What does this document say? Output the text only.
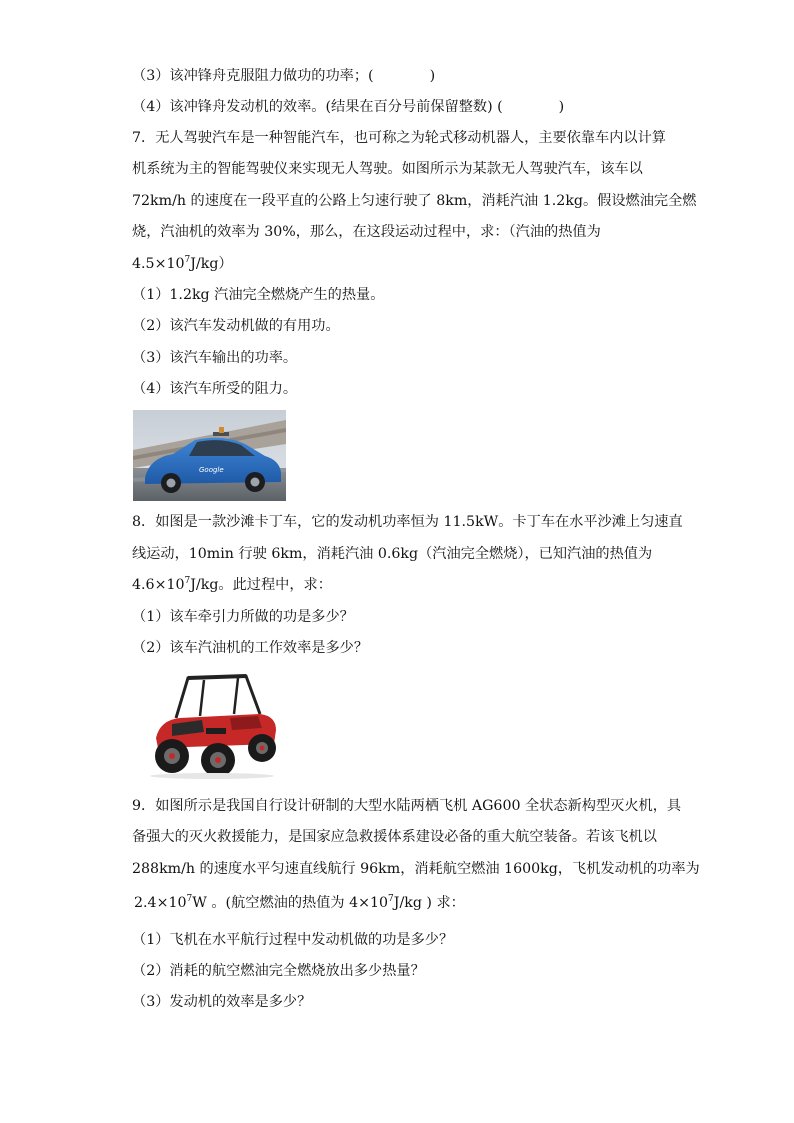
（3）该冲锋舟克服阻力做功的功率；(	)
（4）该冲锋舟发动机的效率。(结果在百分号前保留整数) (	)
7．无人驾驶汽车是一种智能汽车，也可称之为轮式移动机器人，主要依靠车内以计算
机系统为主的智能驾驶仪来实现无人驾驶。如图所示为某款无人驾驶汽车，该车以
72km/h 的速度在一段平直的公路上匀速行驶了 8km，消耗汽油 1.2kg。假设燃油完全燃
烧，汽油机的效率为 30%，那么，在这段运动过程中，求：（汽油的热值为
$4.5\times 10^7J/kg$）
（1）1.2kg 汽油完全燃烧产生的热量。
（2）该汽车发动机做的有用功。
（3）该汽车输出的功率。
（4）该汽车所受的阻力。
Google
8．如图是一款沙滩卡丁车，它的发动机功率恒为 11.5kW。卡丁车在水平沙滩上匀速直
线运动，10min 行驶 6km，消耗汽油 0.6kg（汽油完全燃烧），已知汽油的热值为
$4.6\times 10^7J/kg$。此过程中，求：
（1）该车牵引力所做的功是多少？
（2）该车汽油机的工作效率是多少？
9．如图所示是我国自行设计研制的大型水陆两栖飞机 AG600 全状态新构型灭火机，具
备强大的灭火救援能力，是国家应急救援体系建设必备的重大航空装备。若该飞机以
288km/h 的速度水平匀速直线航行 96km，消耗航空燃油 1600kg，飞机发动机的功率为
$2.4\times 10^7W$ 。(航空燃油的热值为 $4\times 10^7J/kg$ ) 求：
（1）飞机在水平航行过程中发动机做的功是多少？
（2）消耗的航空燃油完全燃烧放出多少热量？
（3）发动机的效率是多少？
